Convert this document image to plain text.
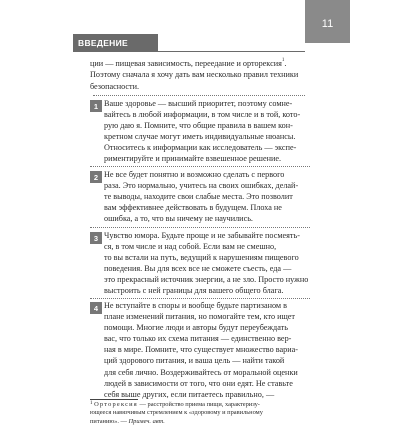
11
ВВЕДЕНИЕ
ции — пищевая зависимость, переедание и орторексия$^1$.
Поэтому сначала я хочу дать вам несколько правил техники
безопасности.
1 Ваше здоровье — высший приоритет, поэтому сомне-
вайтесь в любой информации, в том числе и в той, кото-
рую даю я. Помните, что общие правила в вашем кон-
кретном случае могут иметь индивидуальные нюансы.
Относитесь к информации как исследователь — экспе-
риментируйте и принимайте взвешенное решение.
2 Не все будет понятно и возможно сделать с первого
раза. Это нормально, учитесь на своих ошибках, делай-
те выводы, находите свои слабые места. Это позволит
вам эффективнее действовать в будущем. Плоха не
ошибка, а то, что вы ничему не научились.
3 Чувство юмора. Будьте проще и не забывайте посмеять-
ся, в том числе и над собой. Если вам не смешно,
то вы встали на путь, ведущий к нарушениям пищевого
поведения. Вы для всех все не сможете съесть, еда —
это прекрасный источник энергии, а не зло. Просто нужно
выстроить с ней границы для вашего общего блага.
4 Не вступайте в споры и вообще будьте партизаном в
плане изменений питания, но помогайте тем, кто ищет
помощи. Многие люди и авторы будут переубеждать
вас, что только их схема питания — единственно вер-
ная в мире. Помните, что существует множество вариа-
ций здорового питания, и ваша цель — найти такой
для себя лично. Воздерживайтесь от моральной оценки
людей в зависимости от того, что они едят. Не ставьте
себя выше других, если питаетесь правильно, —
$^1$ Орторексия — расстройство приема пищи, характеризу-
ющееся навязчивым стремлением к «здоровому и правильному
питанию». — Примеч. авт.
